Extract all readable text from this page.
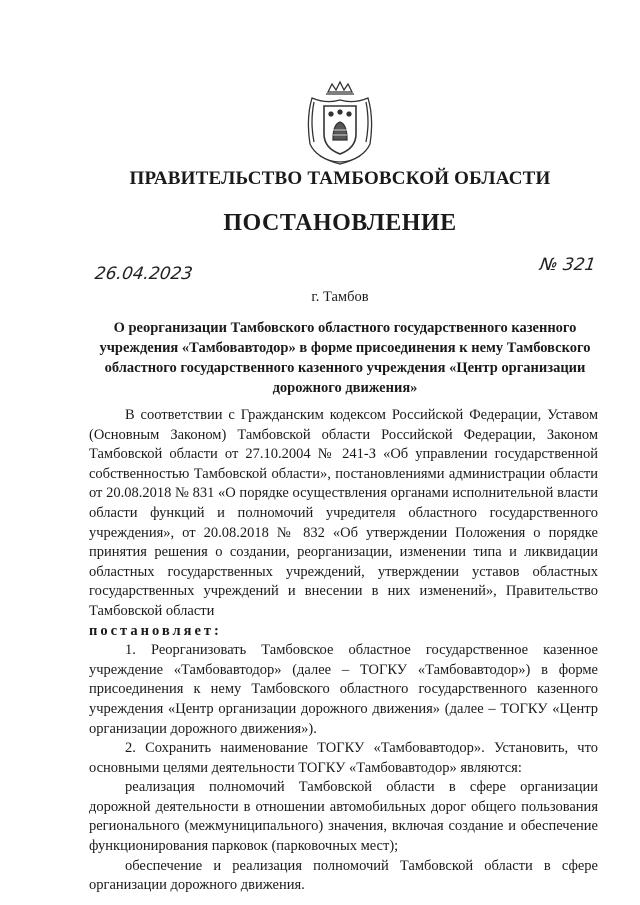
ПРАВИТЕЛЬСТВО ТАМБОВСКОЙ ОБЛАСТИ
ПОСТАНОВЛЕНИЕ
26.04.2023	№ 321
г. Тамбов
О реорганизации Тамбовского областного государственного казенного учреждения «Тамбовавтодор» в форме присоединения к нему Тамбовского областного государственного казенного учреждения «Центр организации дорожного движения»

В соответствии с Гражданским кодексом Российской Федерации, Уставом (Основным Законом) Тамбовской области Российской Федерации, Законом Тамбовской области от 27.10.2004 № 241-З «Об управлении государственной собственностью Тамбовской области», постановлениями администрации области от 20.08.2018 № 831 «О порядке осуществления органами исполнительной власти области функций и полномочий учредителя областного государственного учреждения», от 20.08.2018 № 832 «Об утверждении Положения о порядке принятия решения о создании, реорганизации, изменении типа и ликвидации областных государственных учреждений, утверждении уставов областных государственных учреждений и внесении в них изменений», Правительство Тамбовской области

постановляет:

1. Реорганизовать Тамбовское областное государственное казенное учреждение «Тамбовавтодор» (далее – ТОГКУ «Тамбовавтодор») в форме присоединения к нему Тамбовского областного государственного казенного учреждения «Центр организации дорожного движения» (далее – ТОГКУ «Центр организации дорожного движения»).

2. Сохранить наименование ТОГКУ «Тамбовавтодор». Установить, что основными целями деятельности ТОГКУ «Тамбовавтодор» являются:

реализация полномочий Тамбовской области в сфере организации дорожной деятельности в отношении автомобильных дорог общего пользования регионального (межмуниципального) значения, включая создание и обеспечение функционирования парковок (парковочных мест);

обеспечение и реализация полномочий Тамбовской области в сфере организации дорожного движения.
